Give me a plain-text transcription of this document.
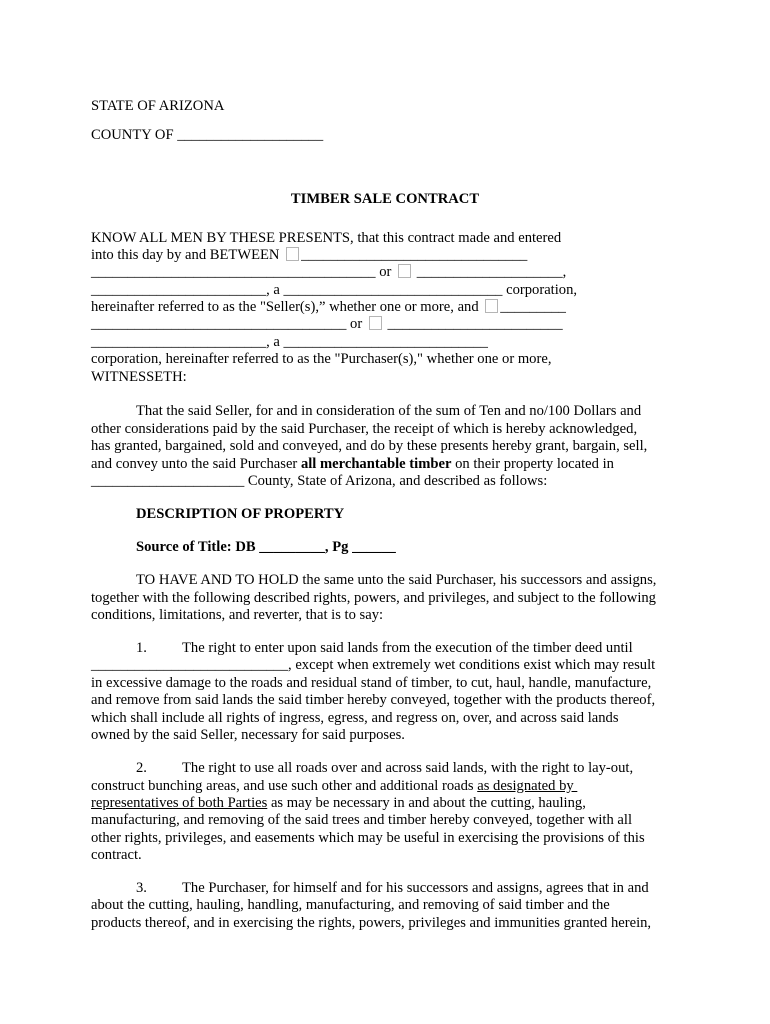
STATE OF ARIZONA
COUNTY OF ____________________
TIMBER SALE CONTRACT
KNOW ALL MEN BY THESE PRESENTS, that this contract made and entered
into this day by and BETWEEN _______________________________
_______________________________________ or  ____________________,
________________________, a ______________________________ corporation,
hereinafter referred to as the "Seller(s),” whether one or more, and _________
___________________________________ or  ________________________
________________________, a ____________________________
corporation, hereinafter referred to as the "Purchaser(s)," whether one or more,
WITNESSETH:
That the said Seller, for and in consideration of the sum of Ten and no/100 Dollars and
other considerations paid by the said Purchaser, the receipt of which is hereby acknowledged,
has granted, bargained, sold and conveyed, and do by these presents hereby grant, bargain, sell,
and convey unto the said Purchaser all merchantable timber on their property located in
_____________________ County, State of Arizona, and described as follows:
DESCRIPTION OF PROPERTY
Source of Title: DB _________, Pg ______
TO HAVE AND TO HOLD the same unto the said Purchaser, his successors and assigns,
together with the following described rights, powers, and privileges, and subject to the following
conditions, limitations, and reverter, that is to say:
1. The right to enter upon said lands from the execution of the timber deed until
___________________________, except when extremely wet conditions exist which may result
in excessive damage to the roads and residual stand of timber, to cut, haul, handle, manufacture,
and remove from said lands the said timber hereby conveyed, together with the products thereof,
which shall include all rights of ingress, egress, and regress on, over, and across said lands
owned by the said Seller, necessary for said purposes.
2. The right to use all roads over and across said lands, with the right to lay-out,
construct bunching areas, and use such other and additional roads as designated by
representatives of both Parties as may be necessary in and about the cutting, hauling,
manufacturing, and removing of the said trees and timber hereby conveyed, together with all
other rights, privileges, and easements which may be useful in exercising the provisions of this
contract.
3. The Purchaser, for himself and for his successors and assigns, agrees that in and
about the cutting, hauling, handling, manufacturing, and removing of said timber and the
products thereof, and in exercising the rights, powers, privileges and immunities granted herein,
